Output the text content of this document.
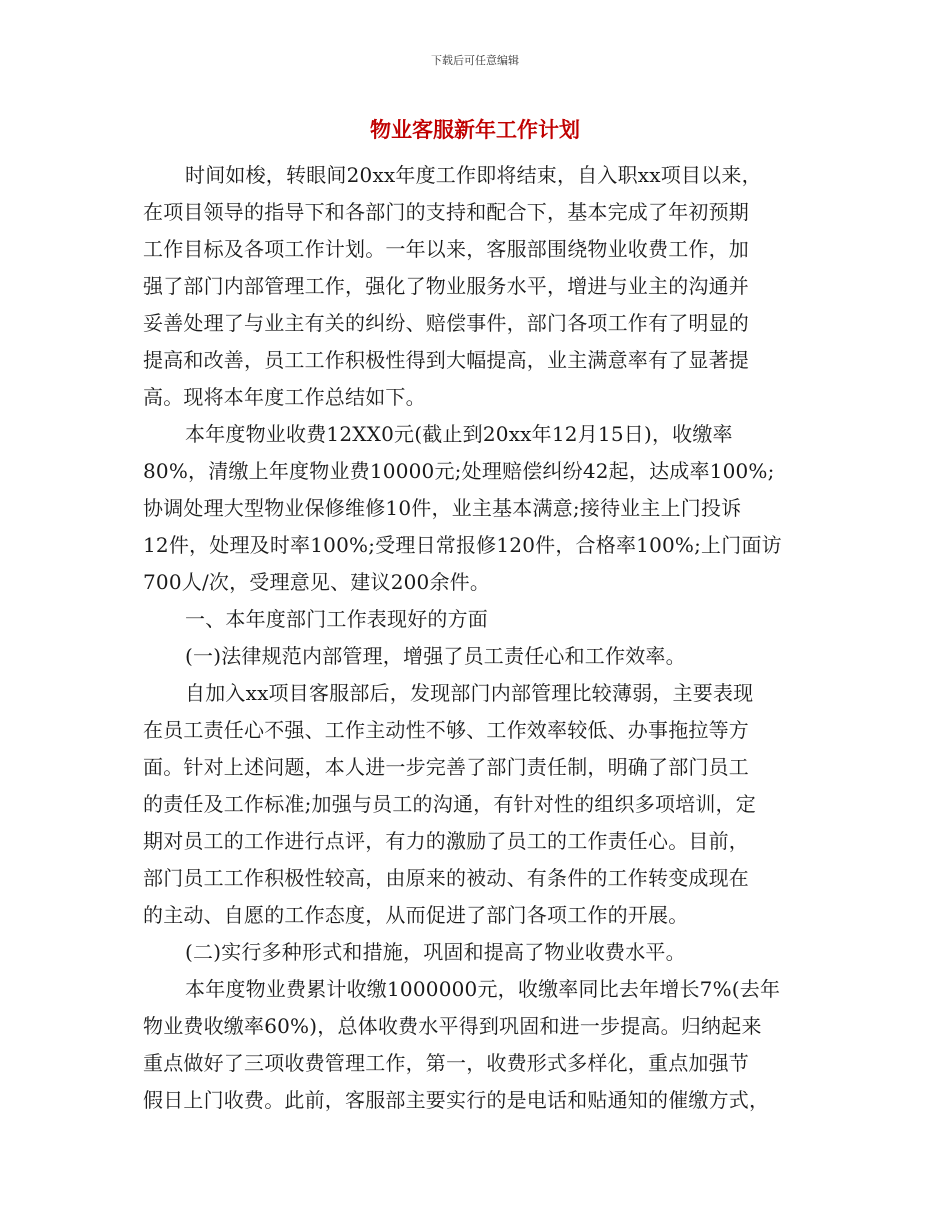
下载后可任意编辑
物业客服新年工作计划
时间如梭，转眼间20xx年度工作即将结束，自入职xx项目以来，
在项目领导的指导下和各部门的支持和配合下，基本完成了年初预期
工作目标及各项工作计划。一年以来，客服部围绕物业收费工作，加
强了部门内部管理工作，强化了物业服务水平，增进与业主的沟通并
妥善处理了与业主有关的纠纷、赔偿事件，部门各项工作有了明显的
提高和改善，员工工作积极性得到大幅提高，业主满意率有了显著提
高。现将本年度工作总结如下。
本年度物业收费12XX0元(截止到20xx年12月15日)，收缴率
80%，清缴上年度物业费10000元;处理赔偿纠纷42起，达成率100%;
协调处理大型物业保修维修10件，业主基本满意;接待业主上门投诉
12件，处理及时率100%;受理日常报修120件，合格率100%;上门面访
700人/次，受理意见、建议200余件。
一、本年度部门工作表现好的方面
(一)法律规范内部管理，增强了员工责任心和工作效率。
自加入xx项目客服部后，发现部门内部管理比较薄弱，主要表现
在员工责任心不强、工作主动性不够、工作效率较低、办事拖拉等方
面。针对上述问题，本人进一步完善了部门责任制，明确了部门员工
的责任及工作标准;加强与员工的沟通，有针对性的组织多项培训，定
期对员工的工作进行点评，有力的激励了员工的工作责任心。目前，
部门员工工作积极性较高，由原来的被动、有条件的工作转变成现在
的主动、自愿的工作态度，从而促进了部门各项工作的开展。
(二)实行多种形式和措施，巩固和提高了物业收费水平。
本年度物业费累计收缴1000000元，收缴率同比去年增长7%(去年
物业费收缴率60%)，总体收费水平得到巩固和进一步提高。归纳起来
重点做好了三项收费管理工作，第一，收费形式多样化，重点加强节
假日上门收费。此前，客服部主要实行的是电话和贴通知的催缴方式，
